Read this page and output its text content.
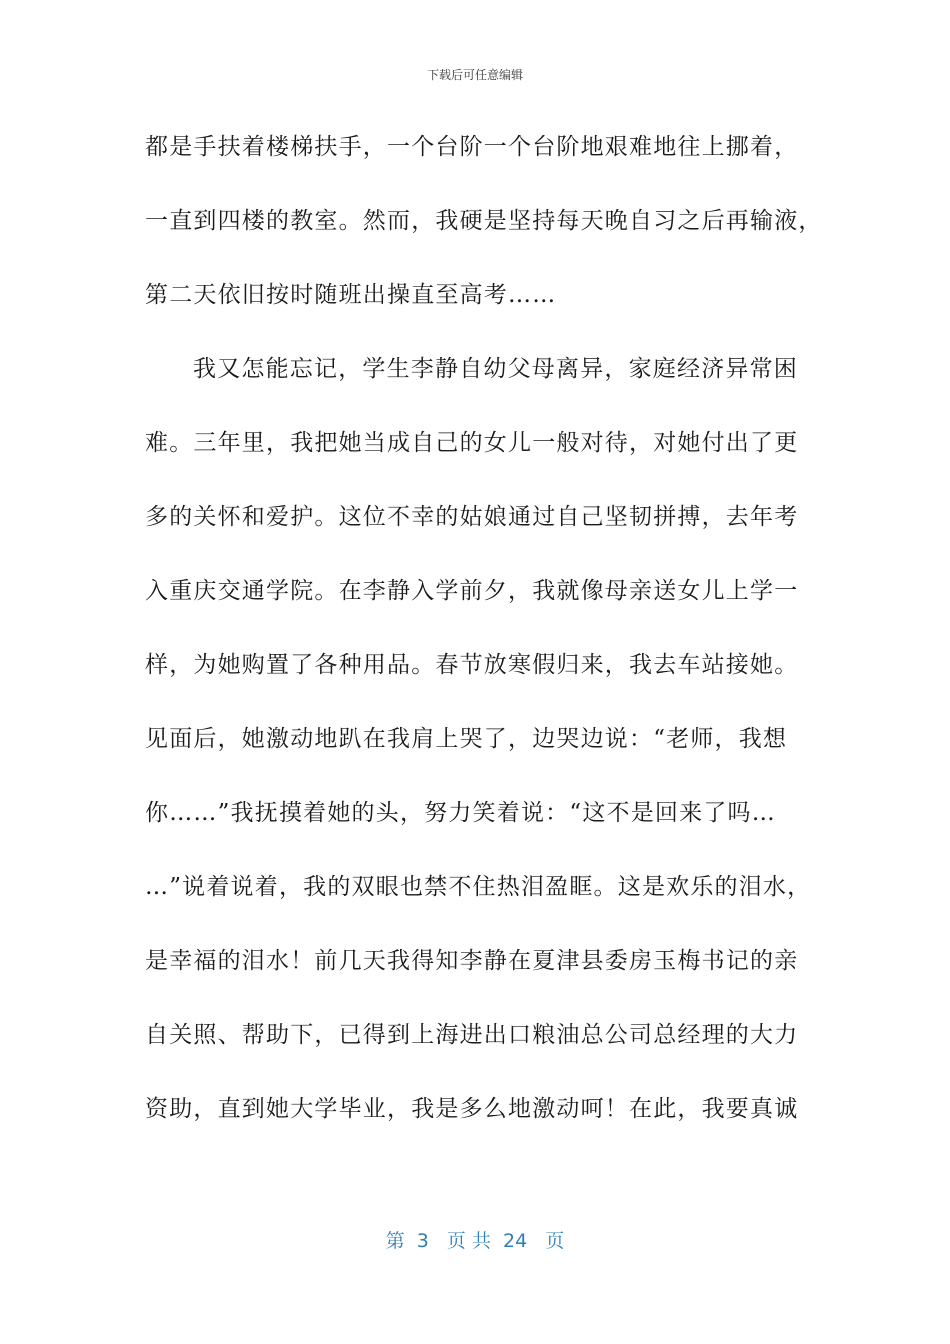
下载后可任意编辑
都是手扶着楼梯扶手，一个台阶一个台阶地艰难地往上挪着，
一直到四楼的教室。然而，我硬是坚持每天晚自习之后再输液，
第二天依旧按时随班出操直至高考……
我又怎能忘记，学生李静自幼父母离异，家庭经济异常困
难。三年里，我把她当成自己的女儿一般对待，对她付出了更
多的关怀和爱护。这位不幸的姑娘通过自己坚韧拼搏，去年考
入重庆交通学院。在李静入学前夕，我就像母亲送女儿上学一
样，为她购置了各种用品。春节放寒假归来，我去车站接她。
见面后，她激动地趴在我肩上哭了，边哭边说：“老师，我想
你……”我抚摸着她的头，努力笑着说：“这不是回来了吗…
…”说着说着，我的双眼也禁不住热泪盈眶。这是欢乐的泪水，
是幸福的泪水！前几天我得知李静在夏津县委房玉梅书记的亲
自关照、帮助下，已得到上海进出口粮油总公司总经理的大力
资助，直到她大学毕业，我是多么地激动呵！在此，我要真诚
第  3   页 共  24   页
